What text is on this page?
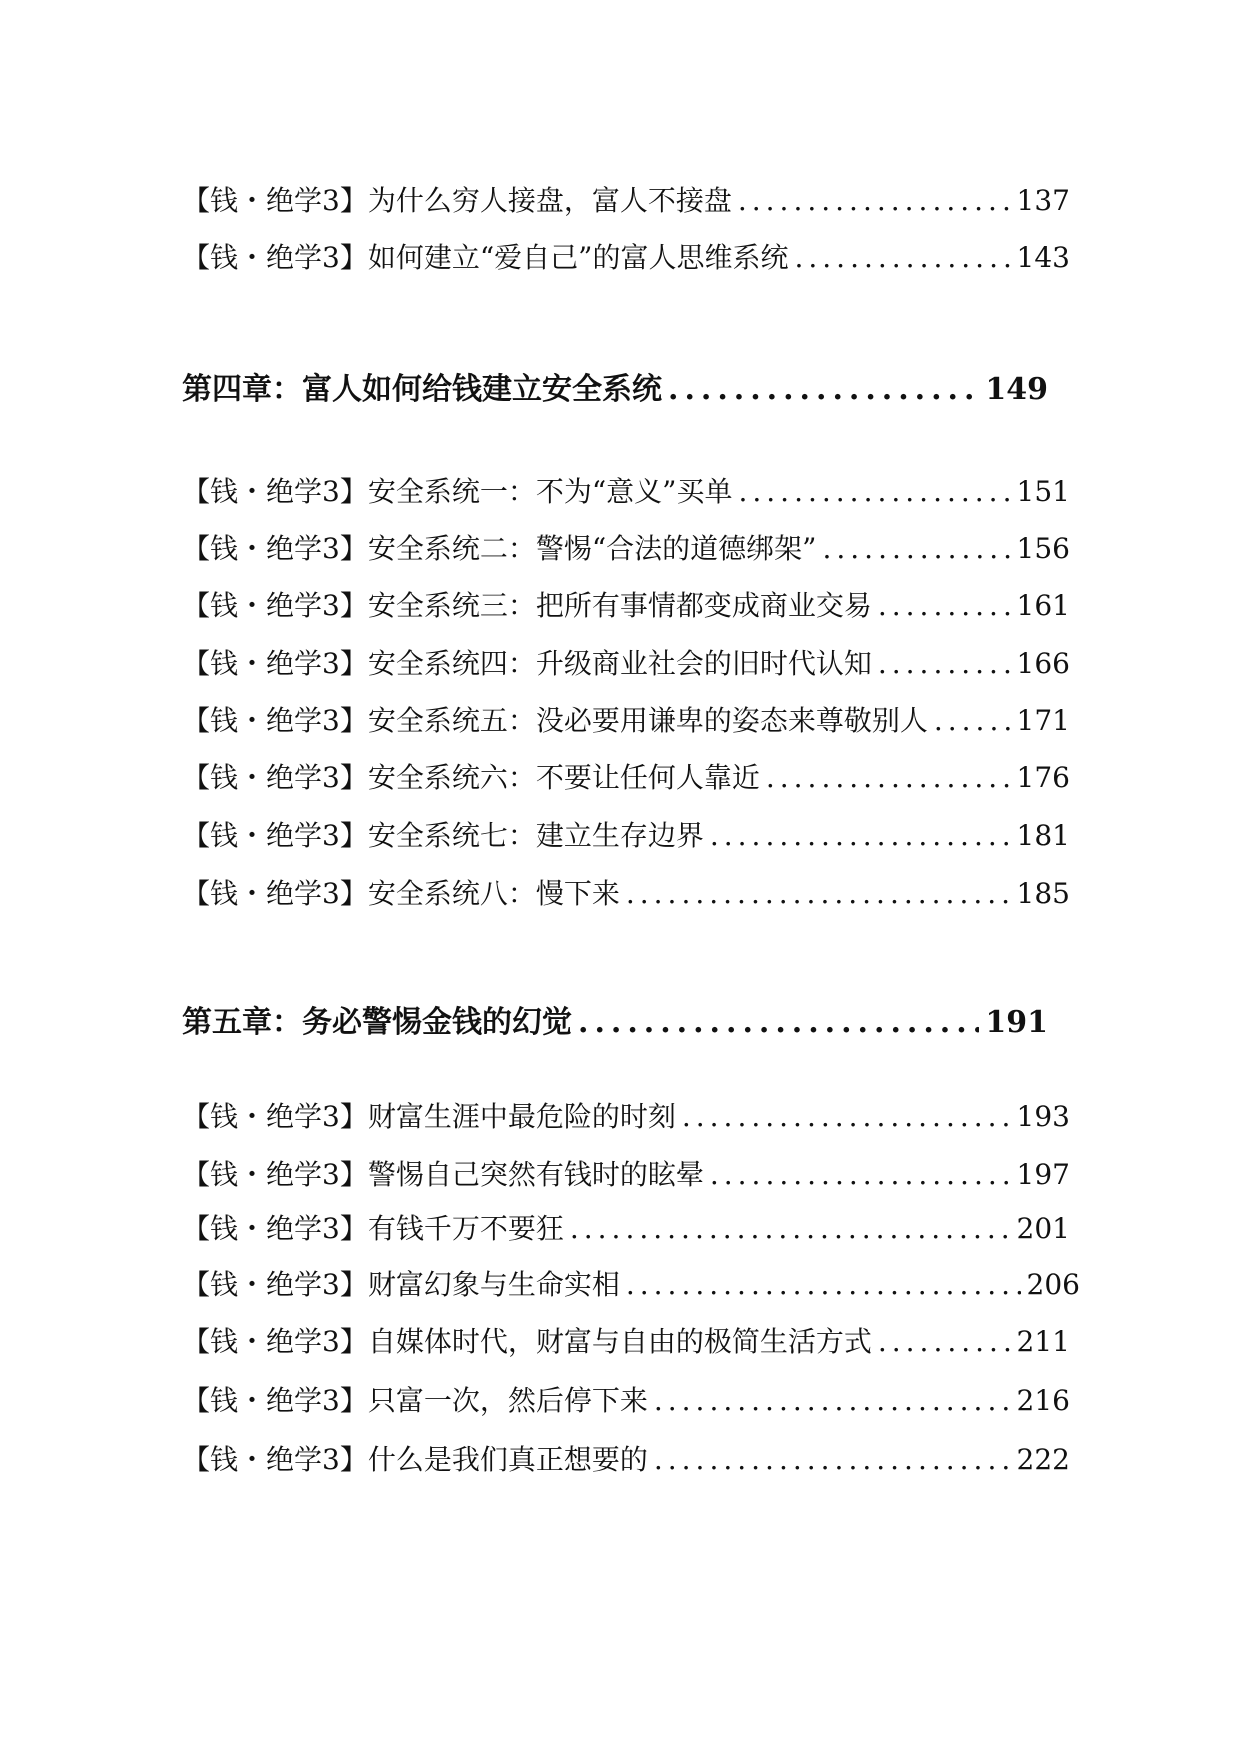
【钱・绝学3】为什么穷人接盘，富人不接盘 .....	137
【钱・绝学3】如何建立“爱自己”的富人思维系统 .....	143
第四章：富人如何给钱建立安全系统 .....	149
【钱・绝学3】安全系统一：不为“意义”买单 .....	151
【钱・绝学3】安全系统二：警惕“合法的道德绑架” .....	156
【钱・绝学3】安全系统三：把所有事情都变成商业交易 .....	161
【钱・绝学3】安全系统四：升级商业社会的旧时代认知 .....	166
【钱・绝学3】安全系统五：没必要用谦卑的姿态来尊敬别人 .....	171
【钱・绝学3】安全系统六：不要让任何人靠近 .....	176
【钱・绝学3】安全系统七：建立生存边界 .....	181
【钱・绝学3】安全系统八：慢下来 .....	185
第五章：务必警惕金钱的幻觉 .....	191
【钱・绝学3】财富生涯中最危险的时刻 .....	193
【钱・绝学3】警惕自己突然有钱时的眩晕 .....	197
【钱・绝学3】有钱千万不要狂 .....	201
【钱・绝学3】财富幻象与生命实相 .....	206
【钱・绝学3】自媒体时代，财富与自由的极简生活方式 .....	211
【钱・绝学3】只富一次，然后停下来 .....	216
【钱・绝学3】什么是我们真正想要的 .....	222
